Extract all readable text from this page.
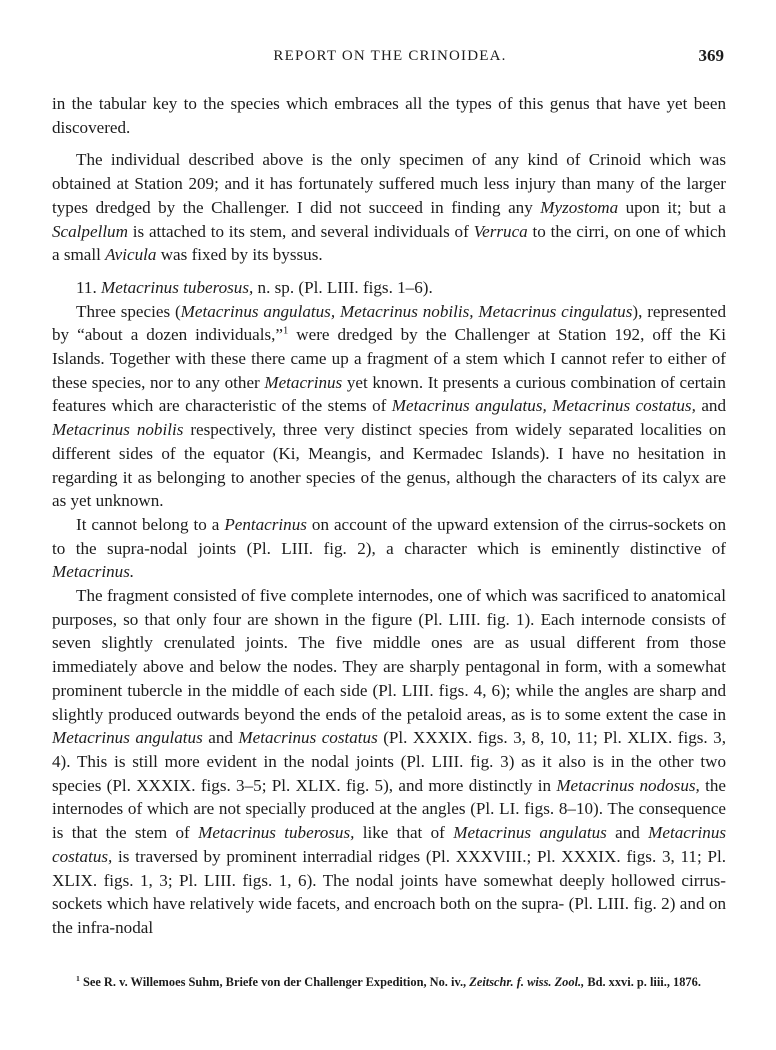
REPORT ON THE CRINOIDEA.	369

in the tabular key to the species which embraces all the types of this genus that have yet been discovered.

The individual described above is the only specimen of any kind of Crinoid which was obtained at Station 209; and it has fortunately suffered much less injury than many of the larger types dredged by the Challenger. I did not succeed in finding any Myzostoma upon it; but a Scalpellum is attached to its stem, and several individuals of Verruca to the cirri, on one of which a small Avicula was fixed by its byssus.

11. Metacrinus tuberosus, n. sp. (Pl. LIII. figs. 1–6).

Three species (Metacrinus angulatus, Metacrinus nobilis, Metacrinus cingulatus), represented by “about a dozen individuals,”$^1$ were dredged by the Challenger at Station 192, off the Ki Islands. Together with these there came up a fragment of a stem which I cannot refer to either of these species, nor to any other Metacrinus yet known. It presents a curious combination of certain features which are characteristic of the stems of Metacrinus angulatus, Metacrinus costatus, and Metacrinus nobilis respectively, three very distinct species from widely separated localities on different sides of the equator (Ki, Meangis, and Kermadec Islands). I have no hesitation in regarding it as belonging to another species of the genus, although the characters of its calyx are as yet unknown.

It cannot belong to a Pentacrinus on account of the upward extension of the cirrus-sockets on to the supra-nodal joints (Pl. LIII. fig. 2), a character which is eminently distinctive of Metacrinus.

The fragment consisted of five complete internodes, one of which was sacrificed to anatomical purposes, so that only four are shown in the figure (Pl. LIII. fig. 1). Each internode consists of seven slightly crenulated joints. The five middle ones are as usual different from those immediately above and below the nodes. They are sharply pentagonal in form, with a somewhat prominent tubercle in the middle of each side (Pl. LIII. figs. 4, 6); while the angles are sharp and slightly produced outwards beyond the ends of the petaloid areas, as is to some extent the case in Metacrinus angulatus and Metacrinus costatus (Pl. XXXIX. figs. 3, 8, 10, 11; Pl. XLIX. figs. 3, 4). This is still more evident in the nodal joints (Pl. LIII. fig. 3) as it also is in the other two species (Pl. XXXIX. figs. 3–5; Pl. XLIX. fig. 5), and more distinctly in Metacrinus nodosus, the internodes of which are not specially produced at the angles (Pl. LI. figs. 8–10). The consequence is that the stem of Metacrinus tuberosus, like that of Metacrinus angulatus and Metacrinus costatus, is traversed by prominent interradial ridges (Pl. XXXVIII.; Pl. XXXIX. figs. 3, 11; Pl. XLIX. figs. 1, 3; Pl. LIII. figs. 1, 6). The nodal joints have somewhat deeply hollowed cirrus-sockets which have relatively wide facets, and encroach both on the supra- (Pl. LIII. fig. 2) and on the infra-nodal

$^1$ See R. v. Willemoes Suhm, Briefe von der Challenger Expedition, No. iv., Zeitschr. f. wiss. Zool., Bd. xxvi. p. liii., 1876.
